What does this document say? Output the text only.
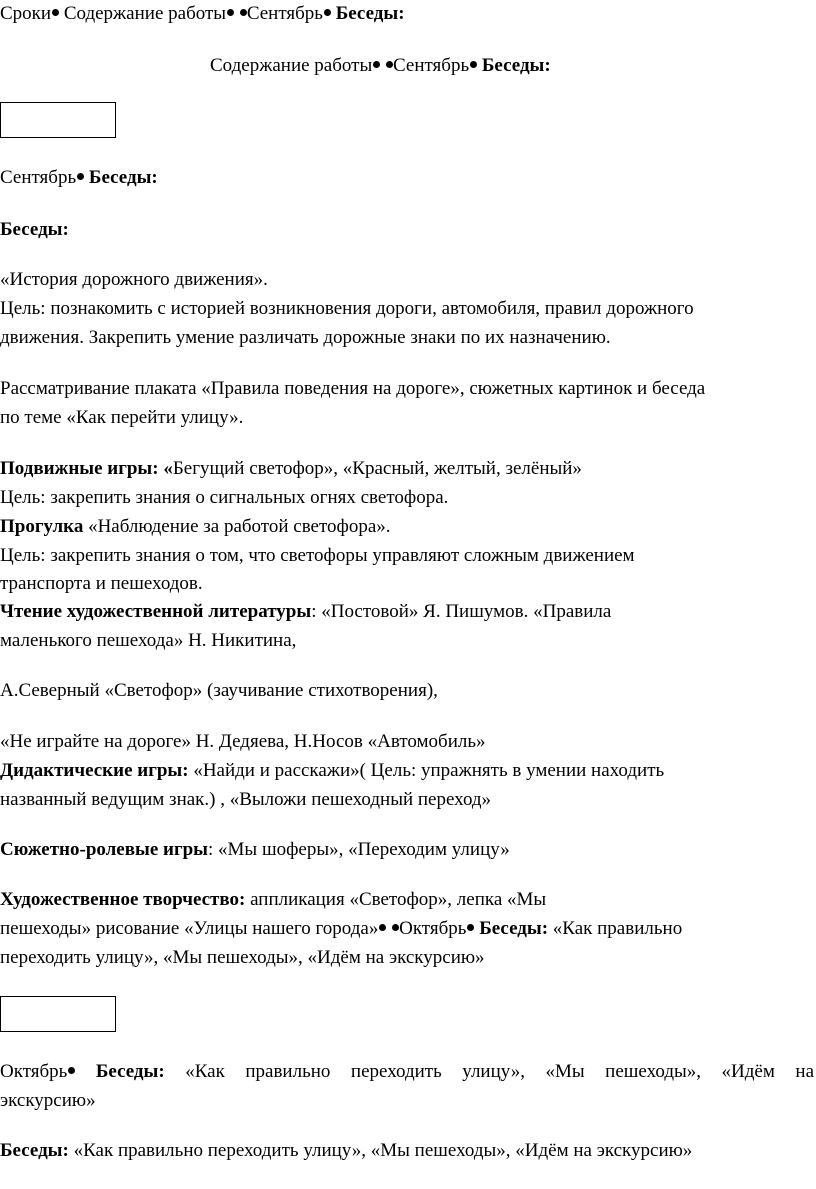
Сроки Содержание работы Сентябрь Беседы:
Содержание работы Сентябрь Беседы:
Сентябрь Беседы:
Беседы:
«История дорожного движения».
Цель: познакомить с историей возникновения дороги, автомобиля, правил дорожного
движения. Закрепить умение различать дорожные знаки по их назначению.
Рассматривание плаката «Правила поведения на дороге», сюжетных картинок и беседа
по теме «Как перейти улицу».
Подвижные игры: «Бегущий светофор», «Красный, желтый, зелёный»
Цель: закрепить знания о сигнальных огнях светофора.
Прогулка «Наблюдение за работой светофора».
Цель: закрепить знания о том, что светофоры управляют сложным движением
транспорта и пешеходов.
Чтение художественной литературы: «Постовой» Я. Пишумов. «Правила
маленького пешехода» Н. Никитина,
А.Северный «Светофор» (заучивание стихотворения),
«Не играйте на дороге» Н. Дедяева, Н.Носов «Автомобиль»
Дидактические игры: «Найди и расскажи»( Цель: упражнять в умении находить
названный ведущим знак.) , «Выложи пешеходный переход»
Сюжетно-ролевые игры: «Мы шоферы», «Переходим улицу»
Художественное творчество: аппликация «Светофор», лепка «Мы
пешеходы» рисование «Улицы нашего города» Октябрь Беседы: «Как правильно
переходить улицу», «Мы пешеходы», «Идём на экскурсию»
Октябрь Беседы: «Как правильно переходить улицу», «Мы пешеходы», «Идём на
экскурсию»
Беседы: «Как правильно переходить улицу», «Мы пешеходы», «Идём на экскурсию»
